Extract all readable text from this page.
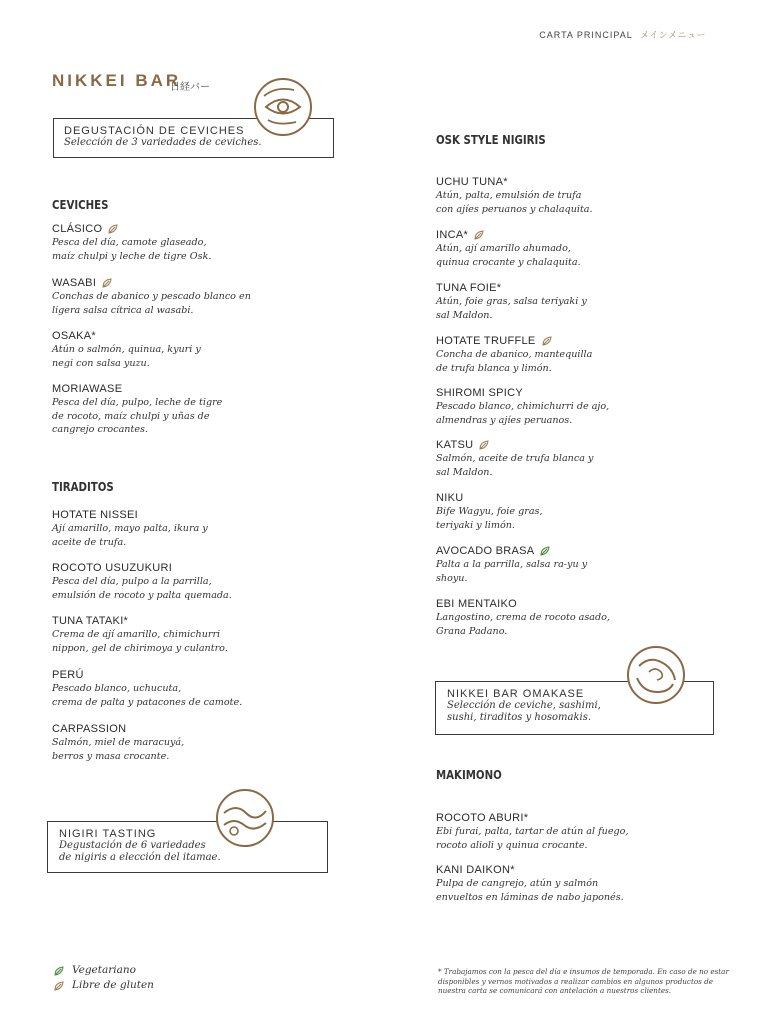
CARTA PRINCIPAL メインメニュー
NIKKEI BAR
日経バー
DEGUSTACIÓN DE CEVICHES
Selección de 3 variedades de ceviches.
CEVICHES
CLÁSICO
Pesca del día, camote glaseado,
maíz chulpi y leche de tigre Osk.
WASABI
Conchas de abanico y pescado blanco en
ligera salsa cítrica al wasabi.
OSAKA*
Atún o salmón, quinua, kyuri y
negi con salsa yuzu.
MORIAWASE
Pesca del día, pulpo, leche de tigre
de rocoto, maíz chulpi y uñas de
cangrejo crocantes.
TIRADITOS
HOTATE NISSEI
Ají amarillo, mayo palta, ikura y
aceite de trufa.
ROCOTO USUZUKURI
Pesca del día, pulpo a la parrilla,
emulsión de rocoto y palta quemada.
TUNA TATAKI*
Crema de ají amarillo, chimichurri
nippon, gel de chirimoya y culantro.
PERÚ
Pescado blanco, uchucuta,
crema de palta y patacones de camote.
CARPASSION
Salmón, miel de maracuyá,
berros y masa crocante.
NIGIRI TASTING
Degustación de 6 variedades
de nigiris a elección del itamae.
OSK STYLE NIGIRIS
UCHU TUNA*
Atún, palta, emulsión de trufa
con ajíes peruanos y chalaquita.
INCA*
Atún, ají amarillo ahumado,
quinua crocante y chalaquita.
TUNA FOIE*
Atún, foie gras, salsa teriyaki y
sal Maldon.
HOTATE TRUFFLE
Concha de abanico, mantequilla
de trufa blanca y limón.
SHIROMI SPICY
Pescado blanco, chimichurri de ajo,
almendras y ajíes peruanos.
KATSU
Salmón, aceite de trufa blanca y
sal Maldon.
NIKU
Bife Wagyu, foie gras,
teriyaki y limón.
AVOCADO BRASA
Palta a la parrilla, salsa ra-yu y
shoyu.
EBI MENTAIKO
Langostino, crema de rocoto asado,
Grana Padano.
NIKKEI BAR OMAKASE
Selección de ceviche, sashimi,
sushi, tiraditos y hosomakis.
MAKIMONO
ROCOTO ABURI*
Ebi furai, palta, tartar de atún al fuego,
rocoto alioli y quinua crocante.
KANI DAIKON*
Pulpa de cangrejo, atún y salmón
envueltos en láminas de nabo japonés.
Vegetariano
Libre de gluten
* Trabajamos con la pesca del día e insumos de temporada. En caso de no estar disponibles y vernos motivados a realizar cambios en algunos productos de nuestra carta se comunicará con antelación a nuestros clientes.
